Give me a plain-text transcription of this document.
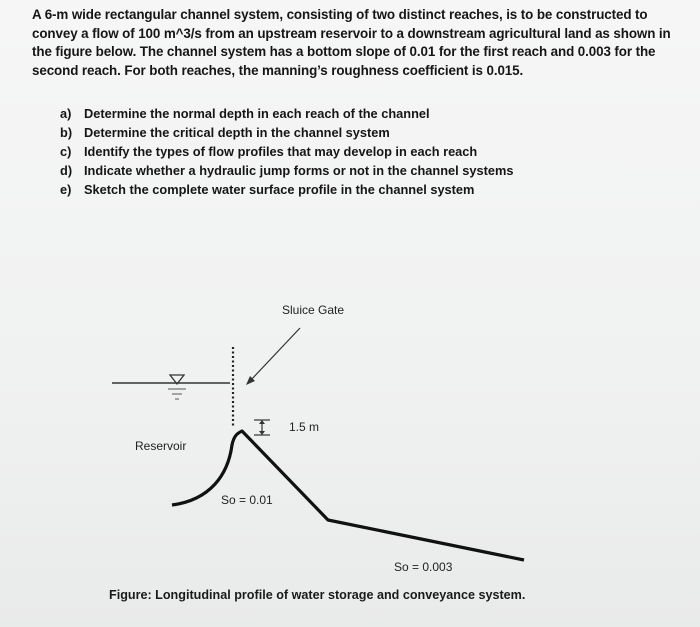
A 6-m wide rectangular channel system, consisting of two distinct reaches, is to be constructed to
convey a flow of 100 m^3/s from an upstream reservoir to a downstream agricultural land as shown in
the figure below. The channel system has a bottom slope of 0.01 for the first reach and 0.003 for the
second reach. For both reaches, the manning’s roughness coefficient is 0.015.
a) Determine the normal depth in each reach of the channel
b) Determine the critical depth in the channel system
c) Identify the types of flow profiles that may develop in each reach
d) Indicate whether a hydraulic jump forms or not in the channel systems
e) Sketch the complete water surface profile in the channel system
Sluice Gate
1.5 m
Reservoir
So = 0.01
So = 0.003
Figure: Longitudinal profile of water storage and conveyance system.
